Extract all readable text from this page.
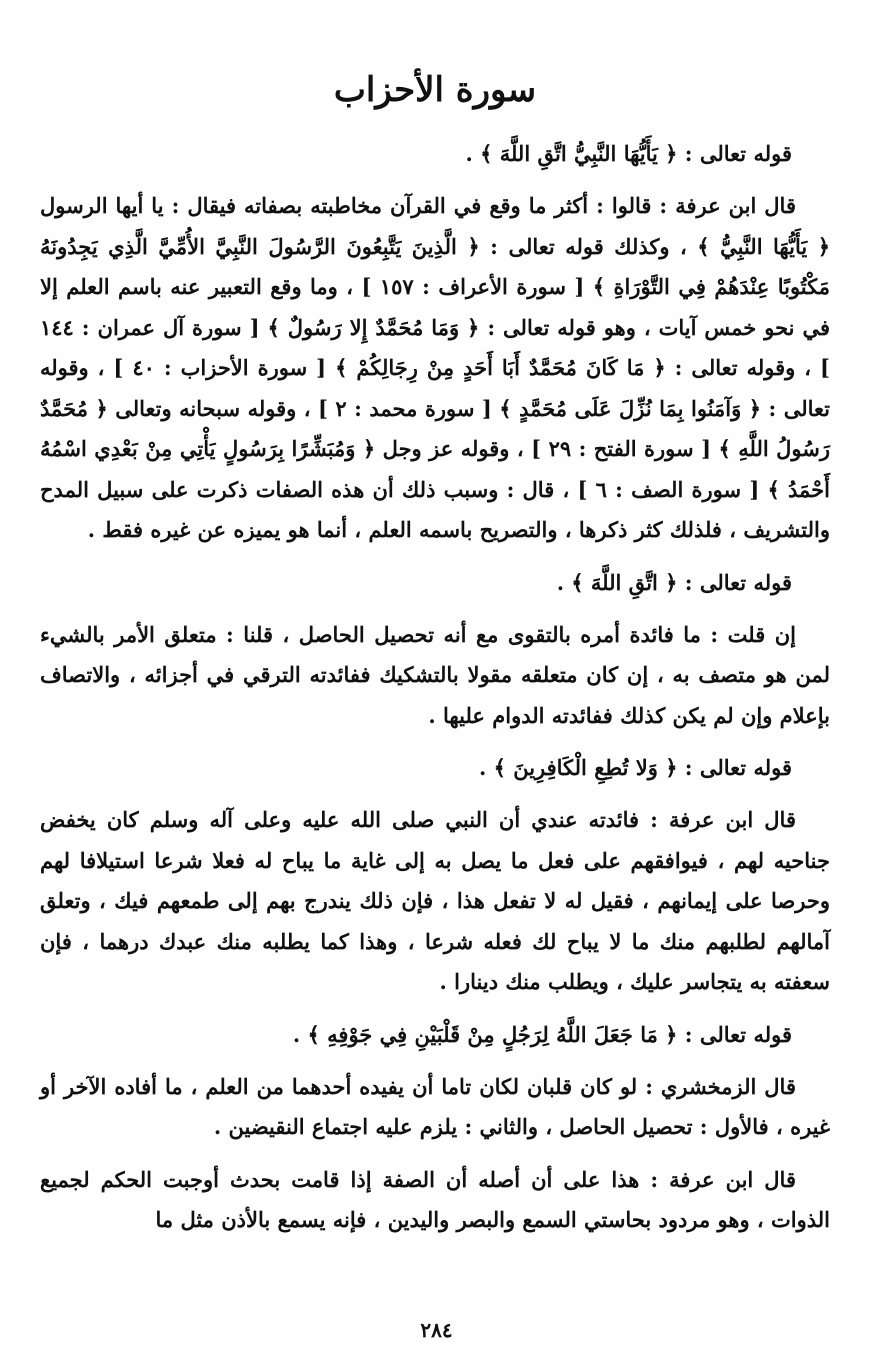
سورة الأحزاب
قوله تعالى : ﴿ يَأَيُّهَا النَّبِيُّ اتَّقِ اللَّهَ ﴾ .
قال ابن عرفة : قالوا : أكثر ما وقع في القرآن مخاطبته بصفاته فيقال : يا أيها الرسول ﴿ يَأَيُّهَا النَّبِيُّ ﴾ ، وكذلك قوله تعالى : ﴿ الَّذِينَ يَتَّبِعُونَ الرَّسُولَ النَّبِيَّ الأُمِّيَّ الَّذِي يَجِدُونَهُ مَكْتُوبًا عِنْدَهُمْ فِي التَّوْرَاةِ ﴾ [ سورة الأعراف : ١٥٧ ] ، وما وقع التعبير عنه باسم العلم إلا في نحو خمس آيات ، وهو قوله تعالى : ﴿ وَمَا مُحَمَّدٌ إِلا رَسُولٌ ﴾ [ سورة آل عمران : ١٤٤ ] ، وقوله تعالى : ﴿ مَا كَانَ مُحَمَّدٌ أَبَا أَحَدٍ مِنْ رِجَالِكُمْ ﴾ [ سورة الأحزاب : ٤٠ ] ، وقوله تعالى : ﴿ وَآمَنُوا بِمَا نُزِّلَ عَلَى مُحَمَّدٍ ﴾ [ سورة محمد : ٢ ] ، وقوله سبحانه وتعالى ﴿ مُحَمَّدٌ رَسُولُ اللَّهِ ﴾ [ سورة الفتح : ٢٩ ] ، وقوله عز وجل ﴿ وَمُبَشِّرًا بِرَسُولٍ يَأْتِي مِنْ بَعْدِي اسْمُهُ أَحْمَدُ ﴾ [ سورة الصف : ٦ ] ، قال : وسبب ذلك أن هذه الصفات ذكرت على سبيل المدح والتشريف ، فلذلك كثر ذكرها ، والتصريح باسمه العلم ، أنما هو يميزه عن غيره فقط .
قوله تعالى : ﴿ اتَّقِ اللَّهَ ﴾ .
إن قلت : ما فائدة أمره بالتقوى مع أنه تحصيل الحاصل ، قلنا : متعلق الأمر بالشيء لمن هو متصف به ، إن كان متعلقه مقولا بالتشكيك ففائدته الترقي في أجزائه ، والاتصاف بإعلام وإن لم يكن كذلك ففائدته الدوام عليها .
قوله تعالى : ﴿ وَلا تُطِعِ الْكَافِرِينَ ﴾ .
قال ابن عرفة : فائدته عندي أن النبي صلى الله عليه وعلى آله وسلم كان يخفض جناحيه لهم ، فيوافقهم على فعل ما يصل به إلى غاية ما يباح له فعلا شرعا استيلافا لهم وحرصا على إيمانهم ، فقيل له لا تفعل هذا ، فإن ذلك يندرج بهم إلى طمعهم فيك ، وتعلق آمالهم لطلبهم منك ما لا يباح لك فعله شرعا ، وهذا كما يطلبه منك عبدك درهما ، فإن سعفته به يتجاسر عليك ، ويطلب منك دينارا .
قوله تعالى : ﴿ مَا جَعَلَ اللَّهُ لِرَجُلٍ مِنْ قَلْبَيْنِ فِي جَوْفِهِ ﴾ .
قال الزمخشري : لو كان قلبان لكان تاما أن يفيده أحدهما من العلم ، ما أفاده الآخر أو غيره ، فالأول : تحصيل الحاصل ، والثاني : يلزم عليه اجتماع النقيضين .
قال ابن عرفة : هذا على أن أصله أن الصفة إذا قامت بحدث أوجبت الحكم لجميع الذوات ، وهو مردود بحاستي السمع والبصر واليدين ، فإنه يسمع بالأذن مثل ما
٢٨٤
